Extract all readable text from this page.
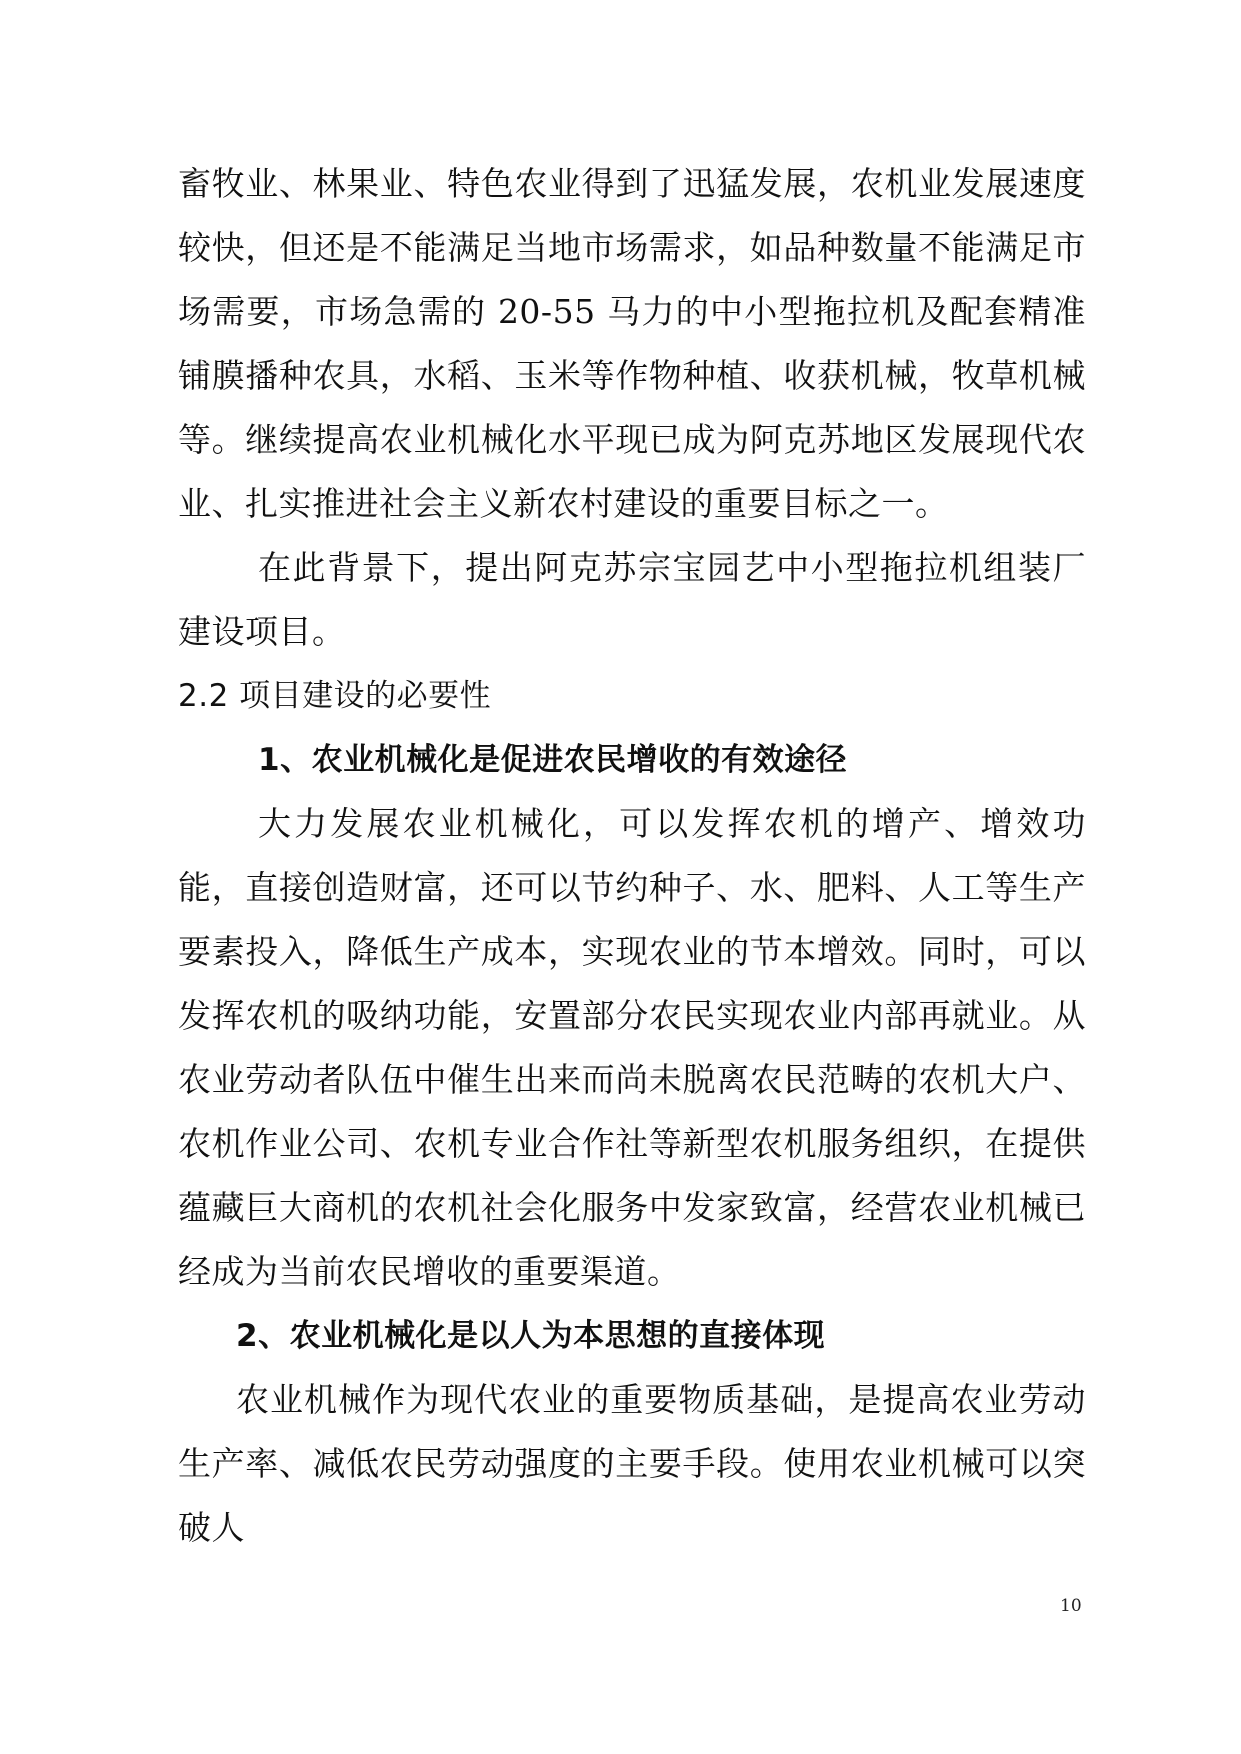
畜牧业、林果业、特色农业得到了迅猛发展，农机业发展速度较快，但还是不能满足当地市场需求，如品种数量不能满足市场需要，市场急需的 20-55 马力的中小型拖拉机及配套精准铺膜播种农具，水稻、玉米等作物种植、收获机械，牧草机械等。继续提高农业机械化水平现已成为阿克苏地区发展现代农业、扎实推进社会主义新农村建设的重要目标之一。

在此背景下，提出阿克苏宗宝园艺中小型拖拉机组装厂建设项目。

2.2 项目建设的必要性

1、农业机械化是促进农民增收的有效途径

大力发展农业机械化，可以发挥农机的增产、增效功能，直接创造财富，还可以节约种子、水、肥料、人工等生产要素投入，降低生产成本，实现农业的节本增效。同时，可以发挥农机的吸纳功能，安置部分农民实现农业内部再就业。从农业劳动者队伍中催生出来而尚未脱离农民范畴的农机大户、农机作业公司、农机专业合作社等新型农机服务组织，在提供蕴藏巨大商机的农机社会化服务中发家致富，经营农业机械已经成为当前农民增收的重要渠道。

2、农业机械化是以人为本思想的直接体现

农业机械作为现代农业的重要物质基础，是提高农业劳动生产率、减低农民劳动强度的主要手段。使用农业机械可以突破人

10
